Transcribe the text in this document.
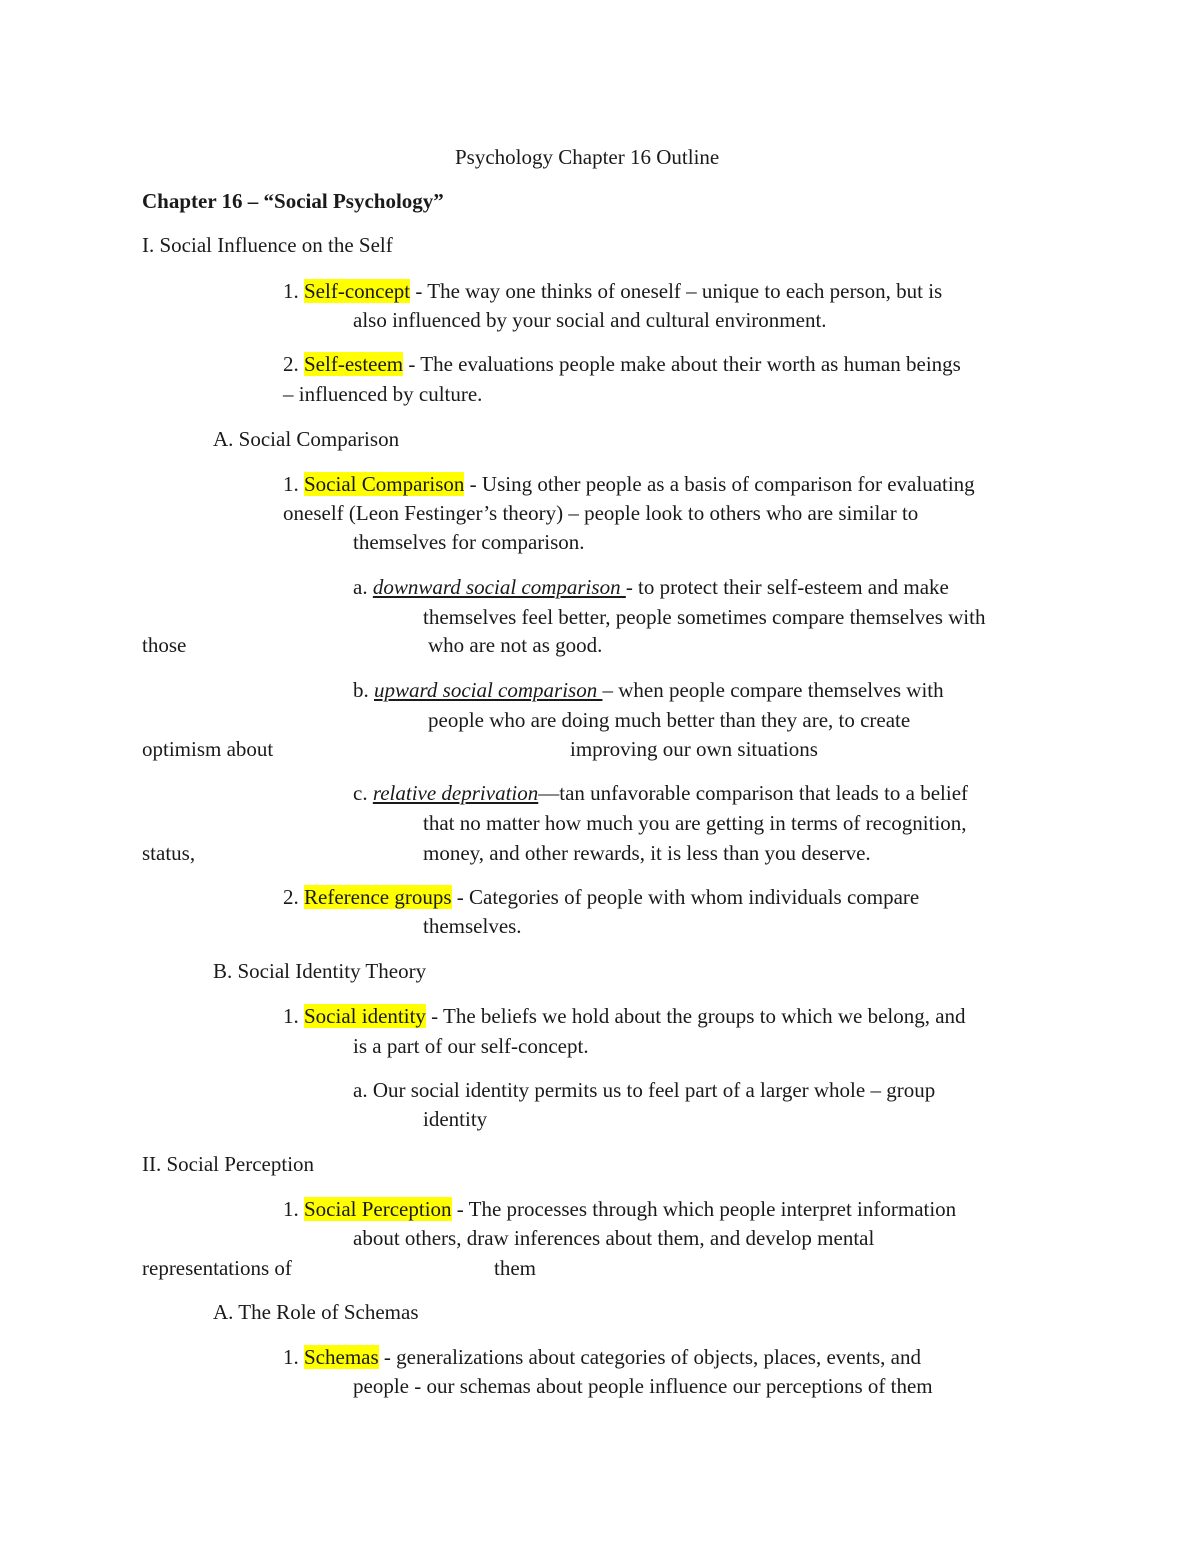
Psychology Chapter 16 Outline
Chapter 16 – “Social Psychology”
I. Social Influence on the Self
1. Self-concept - The way one thinks of oneself – unique to each person, but is
also influenced by your social and cultural environment.
2. Self-esteem - The evaluations people make about their worth as human beings
– influenced by culture.
A. Social Comparison
1. Social Comparison - Using other people as a basis of comparison for evaluating
oneself (Leon Festinger’s theory) – people look to others who are similar to
themselves for comparison.
a. downward social comparison - to protect their self-esteem and make
themselves feel better, people sometimes compare themselves with
those	who are not as good.
b. upward social comparison – when people compare themselves with
people who are doing much better than they are, to create
optimism about	improving our own situations
c. relative deprivation—tan unfavorable comparison that leads to a belief
that no matter how much you are getting in terms of recognition,
status,	money, and other rewards, it is less than you deserve.
2. Reference groups - Categories of people with whom individuals compare
themselves.
B. Social Identity Theory
1. Social identity - The beliefs we hold about the groups to which we belong, and
is a part of our self-concept.
a. Our social identity permits us to feel part of a larger whole – group
identity
II. Social Perception
1. Social Perception - The processes through which people interpret information
about others, draw inferences about them, and develop mental
representations of	them
A. The Role of Schemas
1. Schemas - generalizations about categories of objects, places, events, and
people - our schemas about people influence our perceptions of them
